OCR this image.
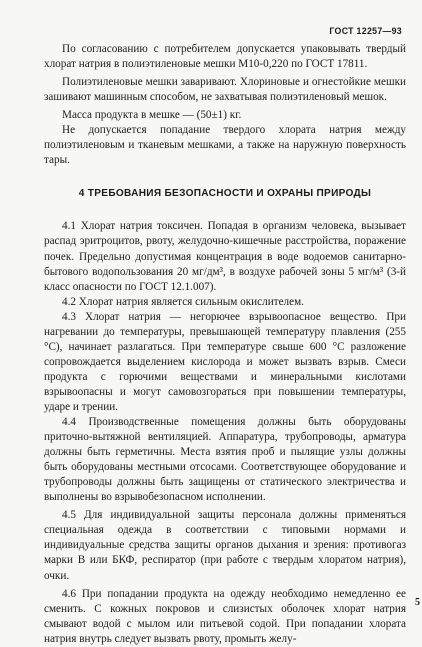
ГОСТ 12257—93

По согласованию с потребителем допускается упаковывать твердый хлорат натрия в полиэтиленовые мешки М10-0,220 по ГОСТ 17811.

Полиэтиленовые мешки заваривают. Хлориновые и огнестойкие мешки зашивают машинным способом, не захватывая полиэтиленовый мешок.

Масса продукта в мешке — (50±1) кг.

Не допускается попадание твердого хлората натрия между полиэтиленовым и тканевым мешками, а также на наружную поверхность тары.

4 ТРЕБОВАНИЯ БЕЗОПАСНОСТИ И ОХРАНЫ ПРИРОДЫ

4.1 Хлорат натрия токсичен. Попадая в организм человека, вызывает распад эритроцитов, рвоту, желудочно-кишечные расстройства, поражение почек. Предельно допустимая концентрация в воде водоемов санитарно-бытового водопользования 20 мг/дм³, в воздухе рабочей зоны 5 мг/м³ (3-й класс опасности по ГОСТ 12.1.007).

4.2 Хлорат натрия является сильным окислителем.

4.3 Хлорат натрия — негорючее взрывоопасное вещество. При нагревании до температуры, превышающей температуру плавления (255 °С), начинает разлагаться. При температуре свыше 600 °С разложение сопровождается выделением кислорода и может вызвать взрыв. Смеси продукта с горючими веществами и минеральными кислотами взрывоопасны и могут самовозгораться при повышении температуры, ударе и трении.

4.4 Производственные помещения должны быть оборудованы приточно-вытяжной вентиляцией. Аппаратура, трубопроводы, арматура должны быть герметичны. Места взятия проб и пылящие узлы должны быть оборудованы местными отсосами. Соответствующее оборудование и трубопроводы должны быть защищены от статического электричества и выполнены во взрывобезопасном исполнении.

4.5 Для индивидуальной защиты персонала должны применяться специальная одежда в соответствии с типовыми нормами и индивидуальные средства защиты органов дыхания и зрения: противогаз марки В или БКФ, респиратор (при работе с твердым хлоратом натрия), очки.

4.6 При попадании продукта на одежду необходимо немедленно ее сменить. С кожных покровов и слизистых оболочек хлорат натрия смывают водой с мылом или питьевой содой. При попадании хлората натрия внутрь следует вызвать рвоту, промыть желу-

5
